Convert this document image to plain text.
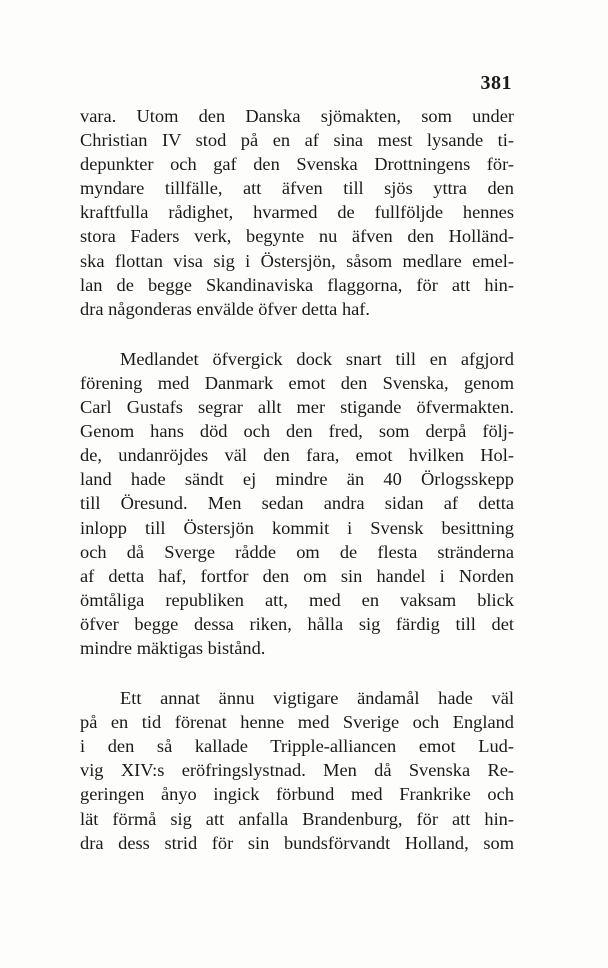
381

vara. Utom den Danska sjömakten, som under
Christian IV stod på en af sina mest lysande ti-
depunkter och gaf den Svenska Drottningens för-
myndare tillfälle, att äfven till sjös yttra den
kraftfulla rådighet, hvarmed de fullföljde hennes
stora Faders verk, begynte nu äfven den Holländ-
ska flottan visa sig i Östersjön, såsom medlare emel-
lan de begge Skandinaviska flaggorna, för att hin-
dra någonderas envälde öfver detta haf.

Medlandet öfvergick dock snart till en afgjord
förening med Danmark emot den Svenska, genom
Carl Gustafs segrar allt mer stigande öfvermakten.
Genom hans död och den fred, som derpå följ-
de, undanröjdes väl den fara, emot hvilken Hol-
land hade sändt ej mindre än 40 Örlogsskepp
till Öresund. Men sedan andra sidan af detta
inlopp till Östersjön kommit i Svensk besittning
och då Sverge rådde om de flesta stränderna
af detta haf, fortfor den om sin handel i Norden
ömtåliga republiken att, med en vaksam blick
öfver begge dessa riken, hålla sig färdig till det
mindre mäktigas bistånd.

Ett annat ännu vigtigare ändamål hade väl
på en tid förenat henne med Sverige och England
i den så kallade Tripple-alliancen emot Lud-
vig XIV:s eröfringslystnad. Men då Svenska Re-
geringen ånyo ingick förbund med Frankrike och
lät förmå sig att anfalla Brandenburg, för att hin-
dra dess strid för sin bundsförvandt Holland, som
